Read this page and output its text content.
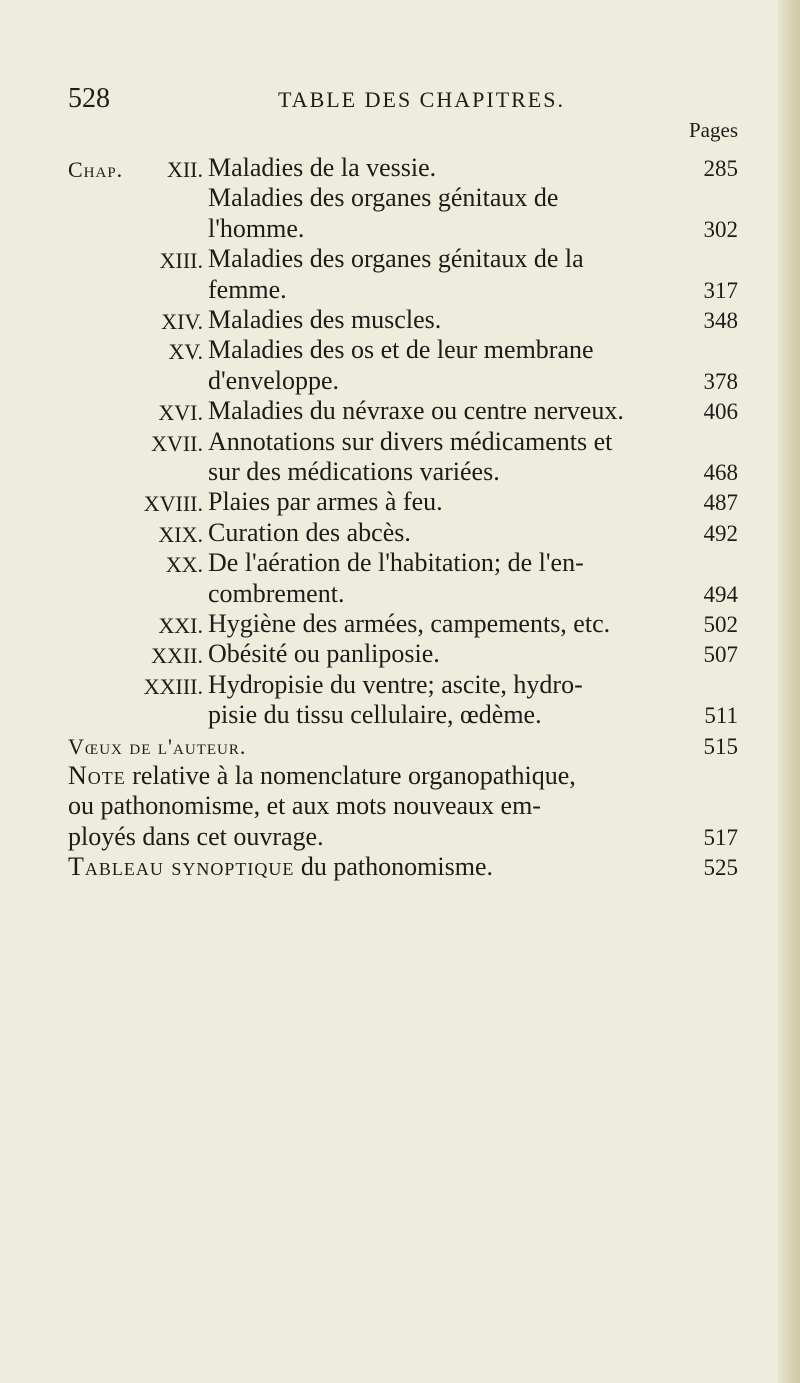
528	TABLE DES CHAPITRES.
Pages
Chap. XII. Maladies de la vessie.	285
Maladies des organes génitaux de
l'homme.	302
XIII. Maladies des organes génitaux de la
femme.	317
XIV. Maladies des muscles.	348
XV. Maladies des os et de leur membrane
d'enveloppe.	378
XVI. Maladies du névraxe ou centre nerveux.	406
XVII. Annotations sur divers médicaments et
sur des médications variées.	468
XVIII. Plaies par armes à feu.	487
XIX. Curation des abcès.	492
XX. De l'aération de l'habitation; de l'en-
combrement.	494
XXI. Hygiène des armées, campements, etc.	502
XXII. Obésité ou panliposie.	507
XXIII. Hydropisie du ventre; ascite, hydro-
pisie du tissu cellulaire, œdème.	511
Vœux de l'auteur.	515
Note relative à la nomenclature organopathique,
ou pathonomisme, et aux mots nouveaux em-
ployés dans cet ouvrage.	517
Tableau synoptique du pathonomisme.	525
